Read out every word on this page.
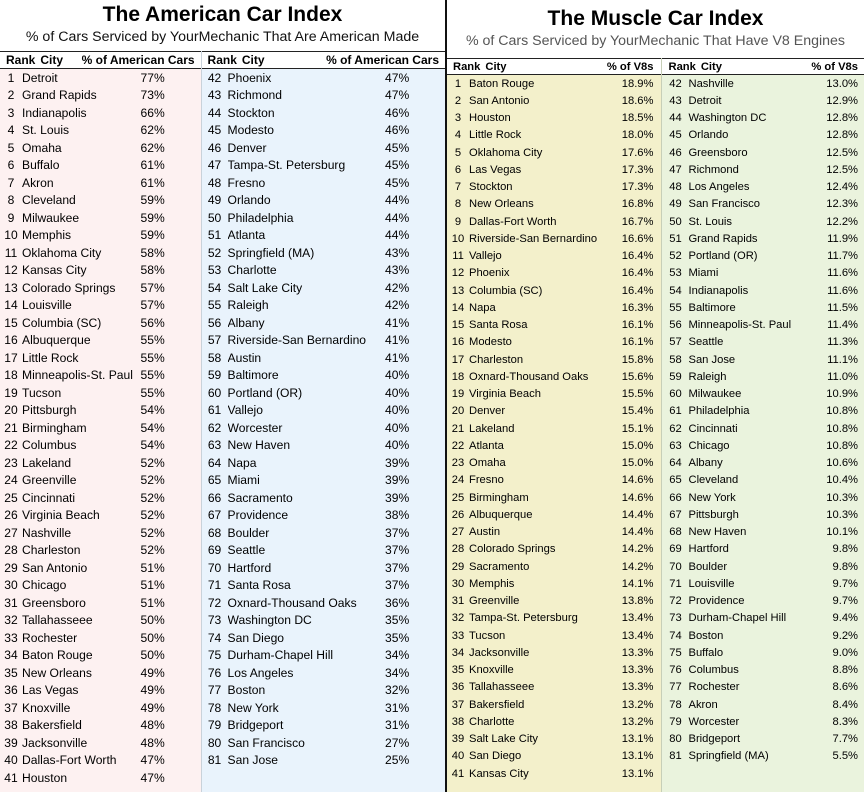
The American Car Index
% of Cars Serviced by YourMechanic That Are American Made
Rank City	% of American Cars
1 Detroit	77%
2 Grand Rapids	73%
3 Indianapolis	66%
4 St. Louis	62%
5 Omaha	62%
6 Buffalo	61%
7 Akron	61%
8 Cleveland	59%
9 Milwaukee	59%
10 Memphis	59%
11 Oklahoma City	58%
12 Kansas City	58%
13 Colorado Springs	57%
14 Louisville	57%
15 Columbia (SC)	56%
16 Albuquerque	55%
17 Little Rock	55%
18 Minneapolis-St. Paul 55%
19 Tucson	55%
20 Pittsburgh	54%
21 Birmingham	54%
22 Columbus	54%
23 Lakeland	52%
24 Greenville	52%
25 Cincinnati	52%
26 Virginia Beach	52%
27 Nashville	52%
28 Charleston	52%
29 San Antonio	51%
30 Chicago	51%
31 Greensboro	51%
32 Tallahasseee	50%
33 Rochester	50%
34 Baton Rouge	50%
35 New Orleans	49%
36 Las Vegas	49%
37 Knoxville	49%
38 Bakersfield	48%
39 Jacksonville	48%
40 Dallas-Fort Worth	47%
41 Houston	47%
Rank City	% of American Cars
42 Phoenix	47%
43 Richmond	47%
44 Stockton	46%
45 Modesto	46%
46 Denver	45%
47 Tampa-St. Petersburg	45%
48 Fresno	45%
49 Orlando	44%
50 Philadelphia	44%
51 Atlanta	44%
52 Springfield (MA)	43%
53 Charlotte	43%
54 Salt Lake City	42%
55 Raleigh	42%
56 Albany	41%
57 Riverside-San Bernardino	41%
58 Austin	41%
59 Baltimore	40%
60 Portland (OR)	40%
61 Vallejo	40%
62 Worcester	40%
63 New Haven	40%
64 Napa	39%
65 Miami	39%
66 Sacramento	39%
67 Providence	38%
68 Boulder	37%
69 Seattle	37%
70 Hartford	37%
71 Santa Rosa	37%
72 Oxnard-Thousand Oaks	36%
73 Washington DC	35%
74 San Diego	35%
75 Durham-Chapel Hill	34%
76 Los Angeles	34%
77 Boston	32%
78 New York	31%
79 Bridgeport	31%
80 San Francisco	27%
81 San Jose	25%
The Muscle Car Index
% of Cars Serviced by YourMechanic That Have V8 Engines
Rank City	% of V8s
1 Baton Rouge	18.9%
2 San Antonio	18.6%
3 Houston	18.5%
4 Little Rock	18.0%
5 Oklahoma City	17.6%
6 Las Vegas	17.3%
7 Stockton	17.3%
8 New Orleans	16.8%
9 Dallas-Fort Worth	16.7%
10 Riverside-San Bernardino	16.6%
11 Vallejo	16.4%
12 Phoenix	16.4%
13 Columbia (SC)	16.4%
14 Napa	16.3%
15 Santa Rosa	16.1%
16 Modesto	16.1%
17 Charleston	15.8%
18 Oxnard-Thousand Oaks	15.6%
19 Virginia Beach	15.5%
20 Denver	15.4%
21 Lakeland	15.1%
22 Atlanta	15.0%
23 Omaha	15.0%
24 Fresno	14.6%
25 Birmingham	14.6%
26 Albuquerque	14.4%
27 Austin	14.4%
28 Colorado Springs	14.2%
29 Sacramento	14.2%
30 Memphis	14.1%
31 Greenville	13.8%
32 Tampa-St. Petersburg	13.4%
33 Tucson	13.4%
34 Jacksonville	13.3%
35 Knoxville	13.3%
36 Tallahasseee	13.3%
37 Bakersfield	13.2%
38 Charlotte	13.2%
39 Salt Lake City	13.1%
40 San Diego	13.1%
41 Kansas City	13.1%
Rank City	% of V8s
42 Nashville	13.0%
43 Detroit	12.9%
44 Washington DC	12.8%
45 Orlando	12.8%
46 Greensboro	12.5%
47 Richmond	12.5%
48 Los Angeles	12.4%
49 San Francisco	12.3%
50 St. Louis	12.2%
51 Grand Rapids	11.9%
52 Portland (OR)	11.7%
53 Miami	11.6%
54 Indianapolis	11.6%
55 Baltimore	11.5%
56 Minneapolis-St. Paul	11.4%
57 Seattle	11.3%
58 San Jose	11.1%
59 Raleigh	11.0%
60 Milwaukee	10.9%
61 Philadelphia	10.8%
62 Cincinnati	10.8%
63 Chicago	10.8%
64 Albany	10.6%
65 Cleveland	10.4%
66 New York	10.3%
67 Pittsburgh	10.3%
68 New Haven	10.1%
69 Hartford	9.8%
70 Boulder	9.8%
71 Louisville	9.7%
72 Providence	9.7%
73 Durham-Chapel Hill	9.4%
74 Boston	9.2%
75 Buffalo	9.0%
76 Columbus	8.8%
77 Rochester	8.6%
78 Akron	8.4%
79 Worcester	8.3%
80 Bridgeport	7.7%
81 Springfield (MA)	5.5%
